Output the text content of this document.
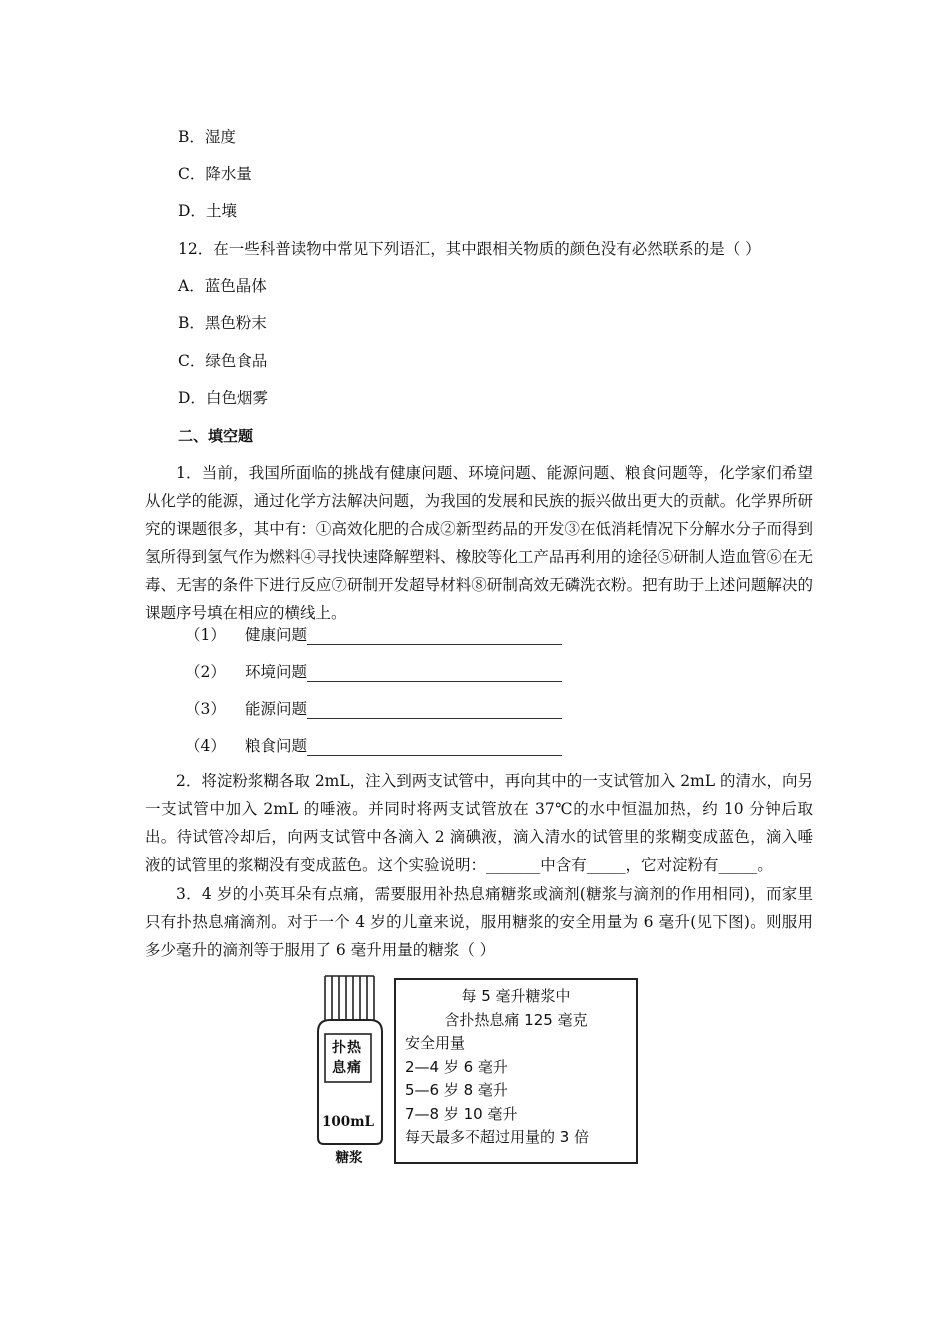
B．湿度
C．降水量
D．土壤
12．在一些科普读物中常见下列语汇，其中跟相关物质的颜色没有必然联系的是（ ）
A．蓝色晶体
B．黑色粉末
C．绿色食品
D．白色烟雾
二、填空题

1．当前，我国所面临的挑战有健康问题、环境问题、能源问题、粮食问题等，化学家们希望从化学的能源，通过化学方法解决问题，为我国的发展和民族的振兴做出更大的贡献。化学界所研究的课题很多，其中有：①高效化肥的合成②新型药品的开发③在低消耗情况下分解水分子而得到氢所得到氢气作为燃料④寻找快速降解塑料、橡胶等化工产品再利用的途径⑤研制人造血管⑥在无毒、无害的条件下进行反应⑦研制开发超导材料⑧研制高效无磷洗衣粉。把有助于上述问题解决的课题序号填在相应的横线上。

（1） 健康问题
（2） 环境问题
（3） 能源问题
（4） 粮食问题

2．将淀粉浆糊各取 2mL，注入到两支试管中，再向其中的一支试管加入 2mL 的清水，向另一支试管中加入 2mL 的唾液。并同时将两支试管放在 37℃的水中恒温加热，约 10 分钟后取出。待试管冷却后，向两支试管中各滴入 2 滴碘液，滴入清水的试管里的浆糊变成蓝色，滴入唾液的试管里的浆糊没有变成蓝色。这个实验说明：_______中含有_____，它对淀粉有_____。

3．4 岁的小英耳朵有点痛，需要服用补热息痛糖浆或滴剂(糖浆与滴剂的作用相同)，而家里只有扑热息痛滴剂。对于一个 4 岁的儿童来说，服用糖浆的安全用量为 6 毫升(见下图)。则服用多少毫升的滴剂等于服用了 6 毫升用量的糖浆（ ）

扑热
息痛
100mL
糖浆
每 5 毫升糖浆中
含扑热息痛 125 毫克
安全用量
2—4 岁 6 毫升
5—6 岁 8 毫升
7—8 岁 10 毫升
每天最多不超过用量的 3 倍
